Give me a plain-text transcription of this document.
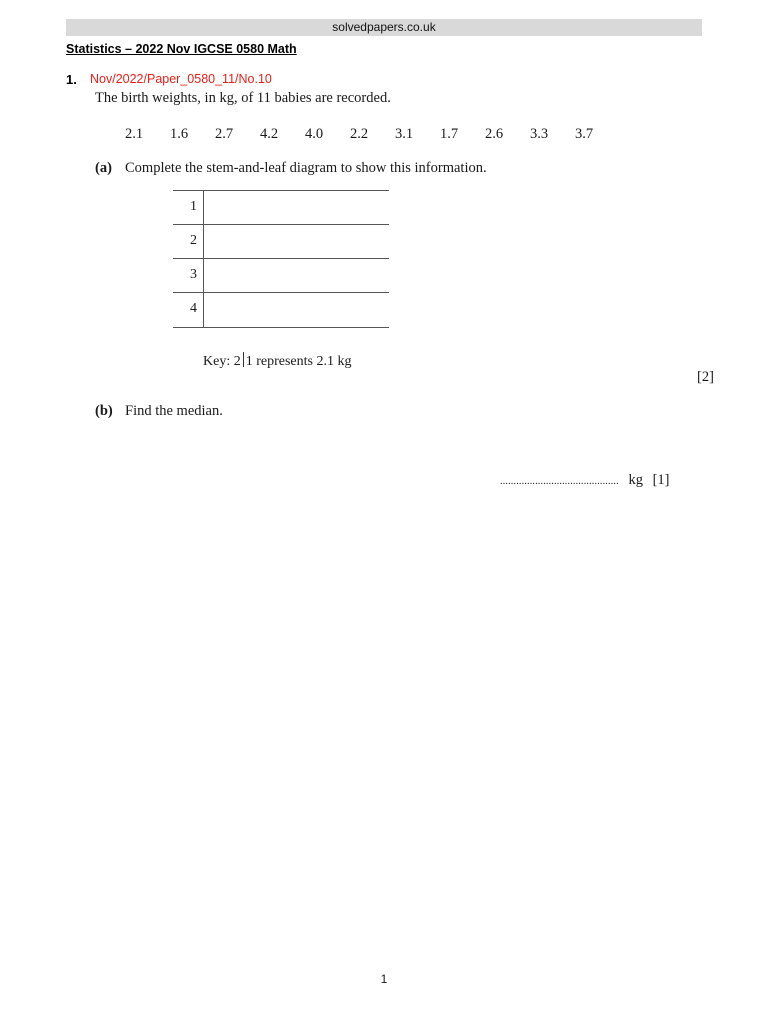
solvedpapers.co.uk
Statistics – 2022 Nov IGCSE 0580 Math
1. Nov/2022/Paper_0580_11/No.10
The birth weights, in kg, of 11 babies are recorded.
2.1 1.6 2.7 4.2 4.0 2.2 3.1 1.7 2.6 3.3 3.7
(a) Complete the stem-and-leaf diagram to show this information.
1
2
3
4
Key: 2 1 represents 2.1 kg
[2]
(b) Find the median.
............................................ kg [1]
1
